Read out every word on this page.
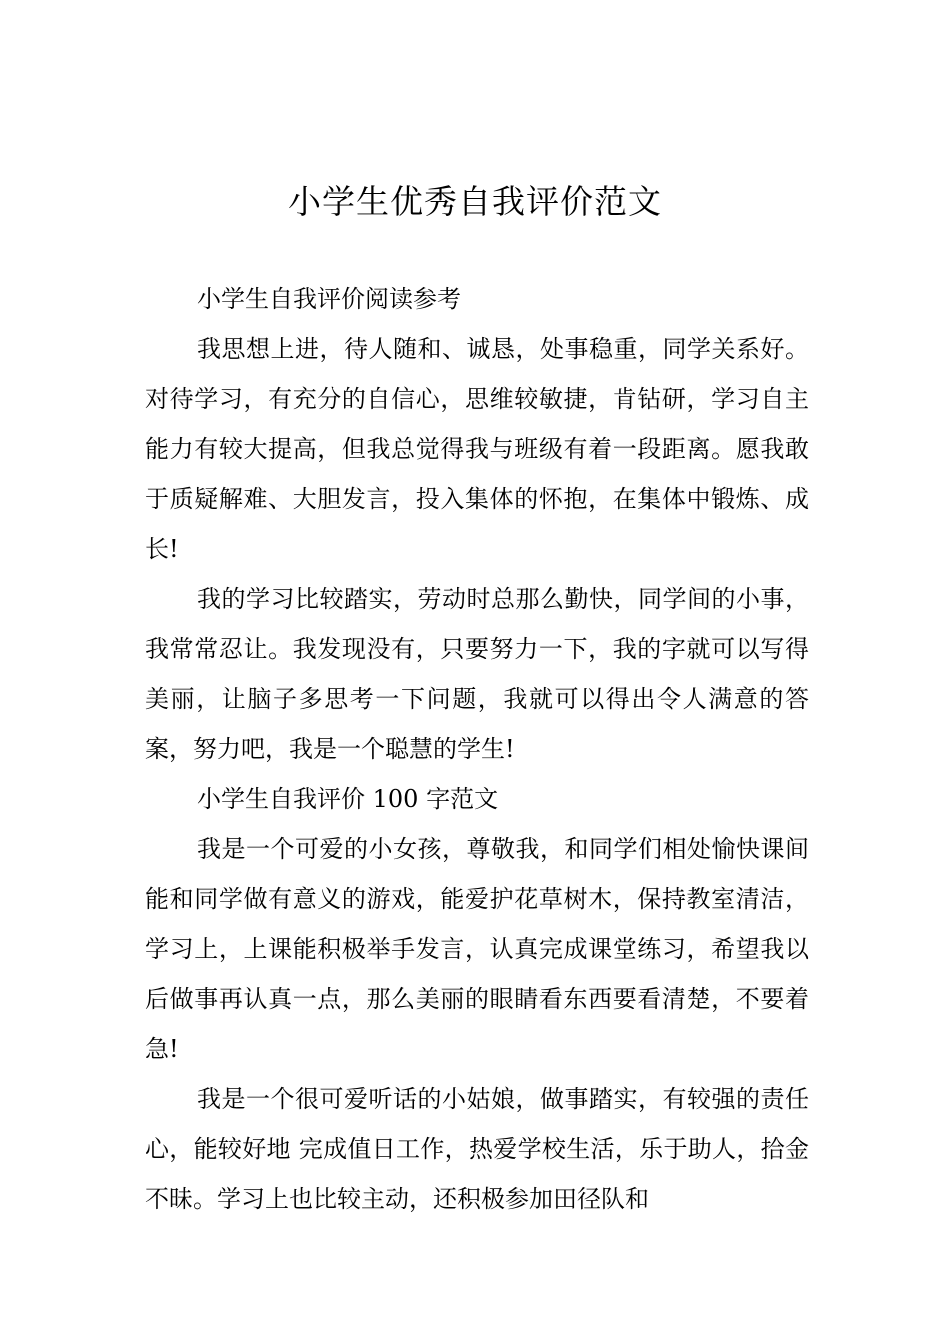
小学生优秀自我评价范文

小学生自我评价阅读参考

我思想上进，待人随和、诚恳，处事稳重，同学关系好。对待学习，有充分的自信心，思维较敏捷，肯钻研，学习自主能力有较大提高，但我总觉得我与班级有着一段距离。愿我敢于质疑解难、大胆发言，投入集体的怀抱，在集体中锻炼、成长!

我的学习比较踏实，劳动时总那么勤快，同学间的小事，我常常忍让。我发现没有，只要努力一下，我的字就可以写得美丽，让脑子多思考一下问题，我就可以得出令人满意的答案，努力吧，我是一个聪慧的学生!

小学生自我评价 100 字范文

我是一个可爱的小女孩，尊敬我，和同学们相处愉快课间能和同学做有意义的游戏，能爱护花草树木，保持教室清洁，学习上，上课能积极举手发言，认真完成课堂练习，希望我以后做事再认真一点，那么美丽的眼睛看东西要看清楚，不要着急!

我是一个很可爱听话的小姑娘，做事踏实，有较强的责任心，能较好地 完成值日工作，热爱学校生活，乐于助人，拾金不昧。学习上也比较主动，还积极参加田径队和
